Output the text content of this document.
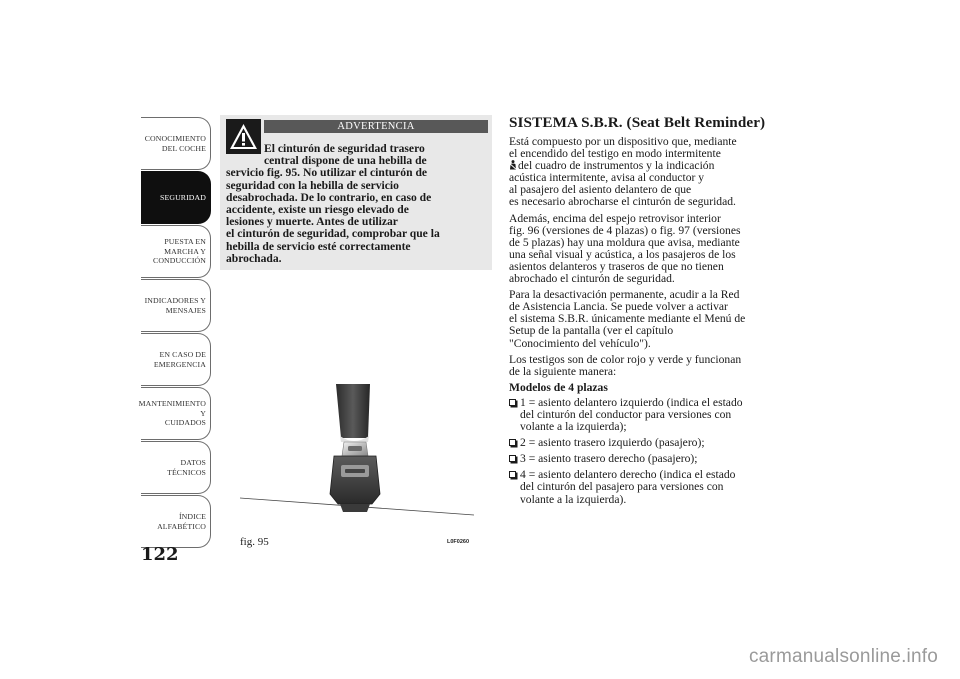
CONOCIMIENTO
DEL COCHE
SEGURIDAD
PUESTA EN
MARCHA Y
CONDUCCIÓN
INDICADORES Y
MENSAJES
EN CASO DE
EMERGENCIA
MANTENIMIENTO Y
CUIDADOS
DATOS TÉCNICOS
ÍNDICE
ALFABÉTICO
122
ADVERTENCIA
El cinturón de seguridad trasero
central dispone de una hebilla de
servicio fig. 95. No utilizar el cinturón de
seguridad con la hebilla de servicio
desabrochada. De lo contrario, en caso de
accidente, existe un riesgo elevado de
lesiones y muerte. Antes de utilizar
el cinturón de seguridad, comprobar que la
hebilla de servicio esté correctamente
abrochada.
fig. 95	L0F0260
SISTEMA S.B.R. (Seat Belt Reminder)
Está compuesto por un dispositivo que, mediante
el encendido del testigo en modo intermitente
del cuadro de instrumentos y la indicación
acústica intermitente, avisa al conductor y
al pasajero del asiento delantero de que
es necesario abrocharse el cinturón de seguridad.
Además, encima del espejo retrovisor interior
fig. 96 (versiones de 4 plazas) o fig. 97 (versiones
de 5 plazas) hay una moldura que avisa, mediante
una señal visual y acústica, a los pasajeros de los
asientos delanteros y traseros de que no tienen
abrochado el cinturón de seguridad.
Para la desactivación permanente, acudir a la Red
de Asistencia Lancia. Se puede volver a activar
el sistema S.B.R. únicamente mediante el Menú de
Setup de la pantalla (ver el capítulo
"Conocimiento del vehículo").
Los testigos son de color rojo y verde y funcionan
de la siguiente manera:
Modelos de 4 plazas
1 = asiento delantero izquierdo (indica el estado
del cinturón del conductor para versiones con
volante a la izquierda);
2 = asiento trasero izquierdo (pasajero);
3 = asiento trasero derecho (pasajero);
4 = asiento delantero derecho (indica el estado
del cinturón del pasajero para versiones con
volante a la izquierda).
carmanualsonline.info
